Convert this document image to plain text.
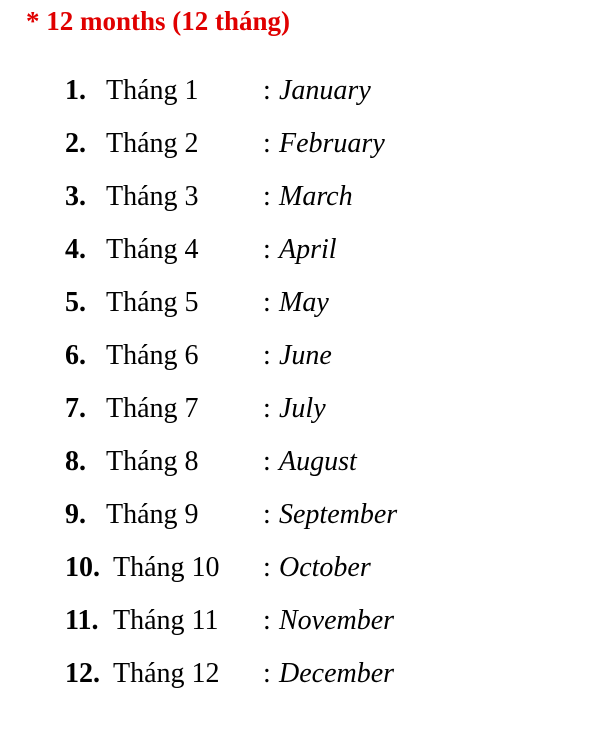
* 12 months (12 tháng)
1. Tháng 1 : January
2. Tháng 2 : February
3. Tháng 3 : March
4. Tháng 4 : April
5. Tháng 5 : May
6. Tháng 6 : June
7. Tháng 7 : July
8. Tháng 8 : August
9. Tháng 9 : September
10. Tháng 10 : October
11. Tháng 11 : November
12. Tháng 12 : December
